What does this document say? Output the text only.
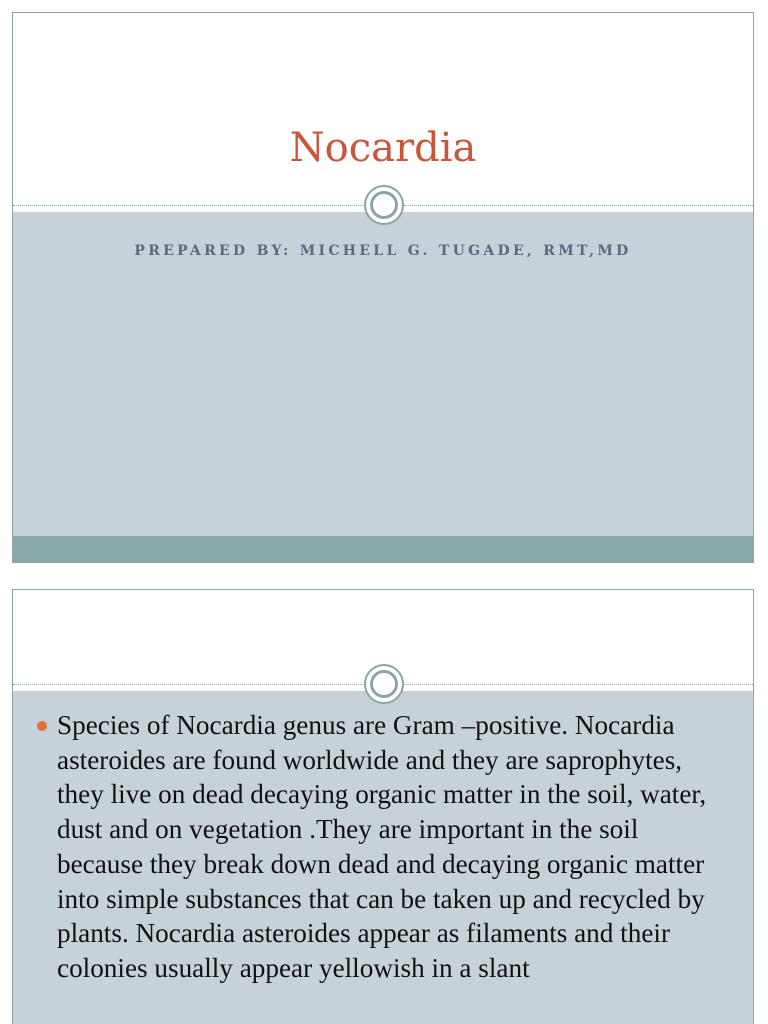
Nocardia

PREPARED BY: MICHELL G. TUGADE, RMT,MD

Species of Nocardia genus are Gram –positive. Nocardia asteroides are found worldwide and they are saprophytes, they live on dead decaying organic matter in the soil, water, dust and on vegetation .They are important in the soil because they break down dead and decaying organic matter into simple substances that can be taken up and recycled by plants. Nocardia asteroides appear as filaments and their colonies usually appear yellowish in a slant
